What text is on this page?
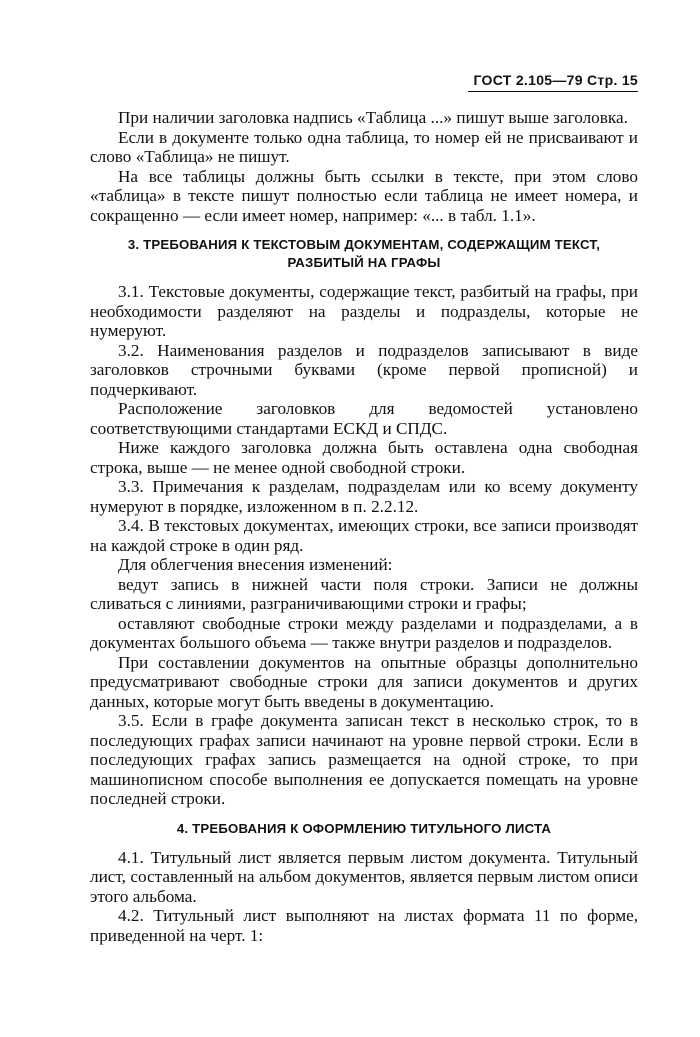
ГОСТ 2.105—79 Стр. 15

При наличии заголовка надпись «Таблица ...» пишут выше заголовка.

Если в документе только одна таблица, то номер ей не присваивают и слово «Таблица» не пишут.

На все таблицы должны быть ссылки в тексте, при этом слово «таблица» в тексте пишут полностью если таблица не имеет номера, и сокращенно — если имеет номер, например: «... в табл. 1.1».

3. ТРЕБОВАНИЯ К ТЕКСТОВЫМ ДОКУМЕНТАМ, СОДЕРЖАЩИМ ТЕКСТ, РАЗБИТЫЙ НА ГРАФЫ

3.1. Текстовые документы, содержащие текст, разбитый на графы, при необходимости разделяют на разделы и подразделы, которые не нумеруют.

3.2. Наименования разделов и подразделов записывают в виде заголовков строчными буквами (кроме первой прописной) и подчеркивают.

Расположение заголовков для ведомостей установлено соответствующими стандартами ЕСКД и СПДС.

Ниже каждого заголовка должна быть оставлена одна свободная строка, выше — не менее одной свободной строки.

3.3. Примечания к разделам, подразделам или ко всему документу нумеруют в порядке, изложенном в п. 2.2.12.

3.4. В текстовых документах, имеющих строки, все записи производят на каждой строке в один ряд.

Для облегчения внесения изменений:

ведут запись в нижней части поля строки. Записи не должны сливаться с линиями, разграничивающими строки и графы;

оставляют свободные строки между разделами и подразделами, а в документах большого объема — также внутри разделов и подразделов.

При составлении документов на опытные образцы дополнительно предусматривают свободные строки для записи документов и других данных, которые могут быть введены в документацию.

3.5. Если в графе документа записан текст в несколько строк, то в последующих графах записи начинают на уровне первой строки. Если в последующих графах запись размещается на одной строке, то при машинописном способе выполнения ее допускается помещать на уровне последней строки.

4. ТРЕБОВАНИЯ К ОФОРМЛЕНИЮ ТИТУЛЬНОГО ЛИСТА

4.1. Титульный лист является первым листом документа. Титульный лист, составленный на альбом документов, является первым листом описи этого альбома.

4.2. Титульный лист выполняют на листах формата 11 по форме, приведенной на черт. 1:
